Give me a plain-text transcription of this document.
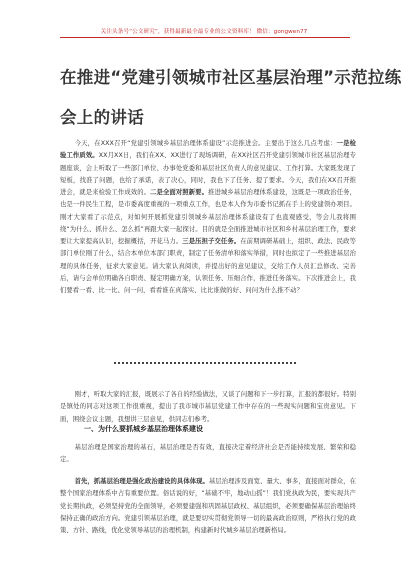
关注头条号“公文研究”，获得最新最全最专业的公文资料库！ 微信：gongwen77
在推进“党建引领城市社区基层治理”示范拉练
会上的讲话
今天，在XXX召开“党建引领城乡基层治理体系建设”示范推进会。主要出于这么几点考虑：一是检验工作质效。XX月XX日，我们在XX、XX进行了现场调研，在XX社区召开党建引领城市社区基层治理专题座谈，会上听取了一些部门单位、办事处党委和基层社区负责人的意见建议、工作打算。大家既发现了短板，找准了问题，也给了承诺，表了决心，同时，我也下了任务、提了要求。今天，我们在XX召开推进会，就是来检验工作成效的。二是全面对照新要。推进城乡基层治理体系建设，这既是一项政治任务，也是一件民生工程，是市委高度重视的一项重点工作，也是本人作为市委书记抓在手上的党建领办项目。刚才大家看了示范点，对如何开展抓党建引领城乡基层治理体系建设有了也直观感受，等会儿我将围绕“为什么、抓什么、怎么抓”再跟大家一起探讨。目的就是全面推进城市社区和乡村基层治理工作，要求要让大家提高认识，挖掘概括，开花马力。三是压担子交任务。在前期调研基础上，组织、政法、民政等部门单位刚了什么，结合本单位本部门职责，制定了任务清单和落实举措，同时也拟定了一些推进基层治理的具体任务，征求大家意见。请大家认真阅读，并提出好的意见建议，交给工作人员汇总修改、完善后，请与会单位明确各自职责、疑定明确方案，认领任务、压细合作，推进任务落实。下次推进会上，我们要看一看、比一比、问一问，看看谁在真落实、比比谁做的好、问问为什么推不动？
刚才，听取大家的汇报，既展示了各自的经验做法，又谈了问题和下一步打算，汇报的都很好。特别是镇处的同志对这项工作很重视，提出了我市城市基层党建工作中存在的一些现实问题和宝贵意见。下面，围绕会议主题，我想讲三层意见，供同志们参考。
一、为什么要抓城乡基层治理体系建设
基层治理是国家治理的基石，基层治理是否有效，直接决定着经济社会是否能持续发展、繁荣和稳定。
首先，抓基层治理是强化政治建设的具体体现。基层治理涉及面宽、量大、事多，直接面对群众，在整个国家治理体系中占有重要位置。俗话说的好，“基础不牢，地动山摇”！我们党执政为民，要实现共产党长期执政，必须坚持党的全面领导，必须要建强和巩固基层政权、基层组织，必须要确保基层治理始终保持正确的政治方向。党建引领基层治理，就是要切实贯彻党领导一切的最高政治原则，严格执行党的政策、方针、路线，优化党领导基层的治理机制，构建新时代城乡基层治理新格局。
